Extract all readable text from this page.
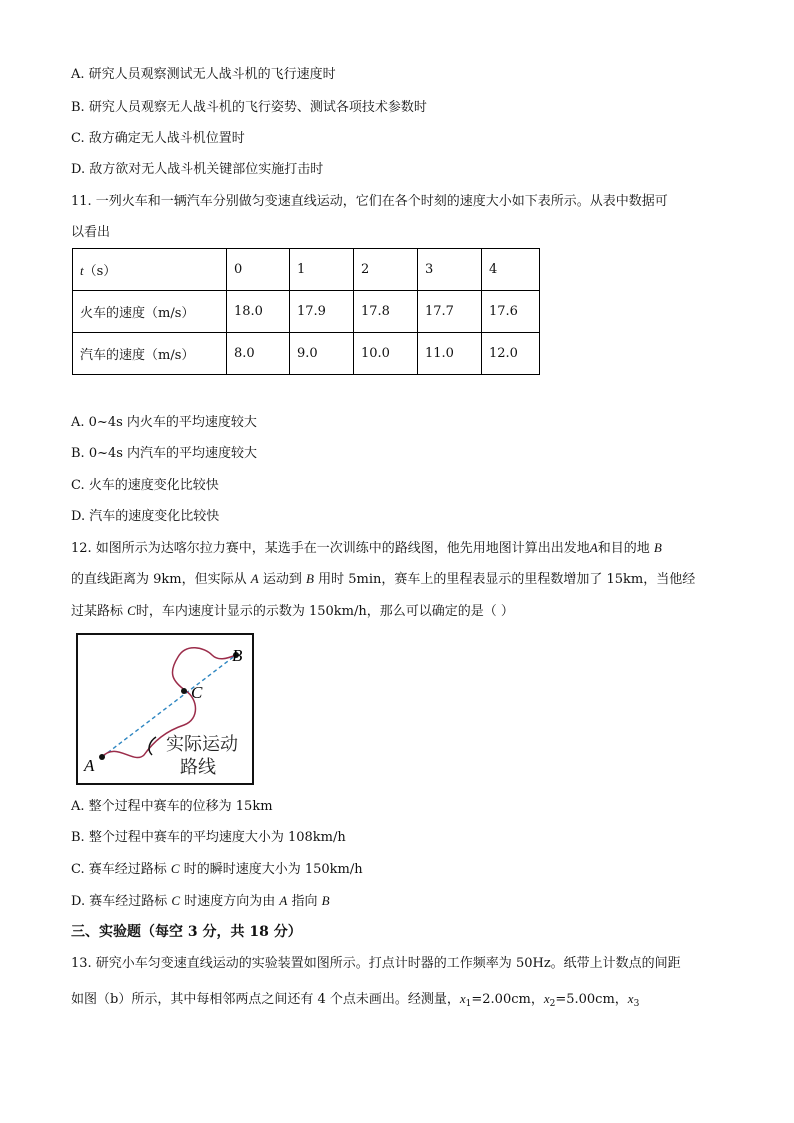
A. 研究人员观察测试无人战斗机的飞行速度时
B. 研究人员观察无人战斗机的飞行姿势、测试各项技术参数时
C. 敌方确定无人战斗机位置时
D. 敌方欲对无人战斗机关键部位实施打击时
11. 一列火车和一辆汽车分别做匀变速直线运动，它们在各个时刻的速度大小如下表所示。从表中数据可
以看出
t（s）	0	1	2	3	4
火车的速度（m/s）	18.0	17.9	17.8	17.7	17.6
汽车的速度（m/s）	8.0	9.0	10.0	11.0	12.0
A. 0~4s 内火车的平均速度较大
B. 0~4s 内汽车的平均速度较大
C. 火车的速度变化比较快
D. 汽车的速度变化比较快
12. 如图所示为达喀尔拉力赛中，某选手在一次训练中的路线图，他先用地图计算出出发地A和目的地 B
的直线距离为 9km，但实际从 A 运动到 B 用时 5min，赛车上的里程表显示的里程数增加了 15km，当他经
过某路标 C时，车内速度计显示的示数为 150km/h，那么可以确定的是（ ）
A
C
B
实际运动
路线
A. 整个过程中赛车的位移为 15km
B. 整个过程中赛车的平均速度大小为 108km/h
C. 赛车经过路标 C 时的瞬时速度大小为 150km/h
D. 赛车经过路标 C 时速度方向为由 A 指向 B
三、实验题（每空 3 分，共 18 分）
13. 研究小车匀变速直线运动的实验装置如图所示。打点计时器的工作频率为 50Hz。纸带上计数点的间距
如图（b）所示，其中每相邻两点之间还有 4 个点未画出。经测量，$x_1=2.00cm$，$x_2=5.00cm$，$x_3$
